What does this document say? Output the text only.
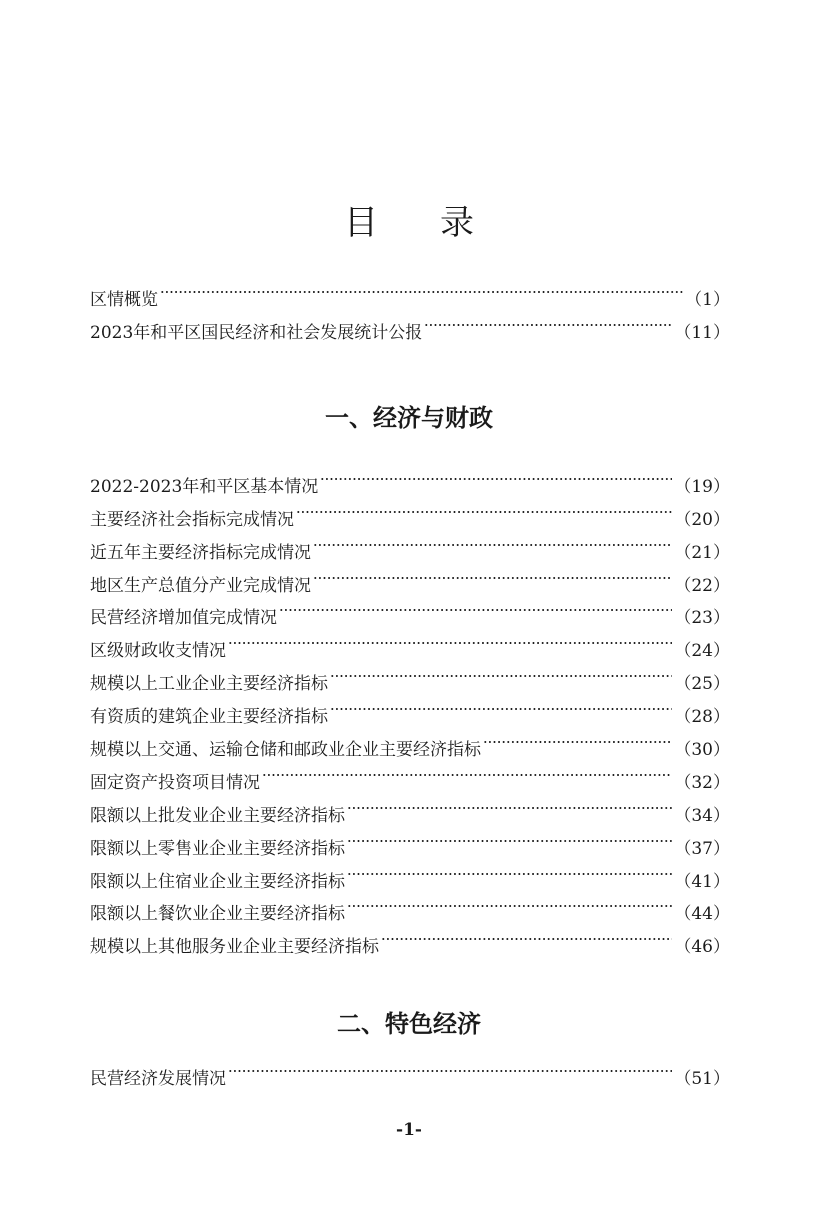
目 录
区情概览	（1）
2023年和平区国民经济和社会发展统计公报	（11）
一、经济与财政
2022-2023年和平区基本情况	（19）
主要经济社会指标完成情况	（20）
近五年主要经济指标完成情况	（21）
地区生产总值分产业完成情况	（22）
民营经济增加值完成情况	（23）
区级财政收支情况	（24）
规模以上工业企业主要经济指标	（25）
有资质的建筑企业主要经济指标	（28）
规模以上交通、运输仓储和邮政业企业主要经济指标	（30）
固定资产投资项目情况	（32）
限额以上批发业企业主要经济指标	（34）
限额以上零售业企业主要经济指标	（37）
限额以上住宿业企业主要经济指标	（41）
限额以上餐饮业企业主要经济指标	（44）
规模以上其他服务业企业主要经济指标	（46）
二、特色经济
民营经济发展情况	（51）
-1-
